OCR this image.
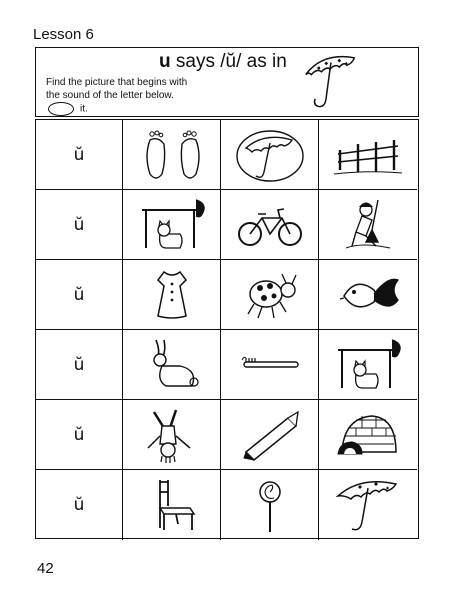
Lesson 6
u says /ŭ/ as in
Find the picture that begins with
the sound of the letter below.

it.
ŭ
ŭ
ŭ
ŭ
ŭ
ŭ
42
